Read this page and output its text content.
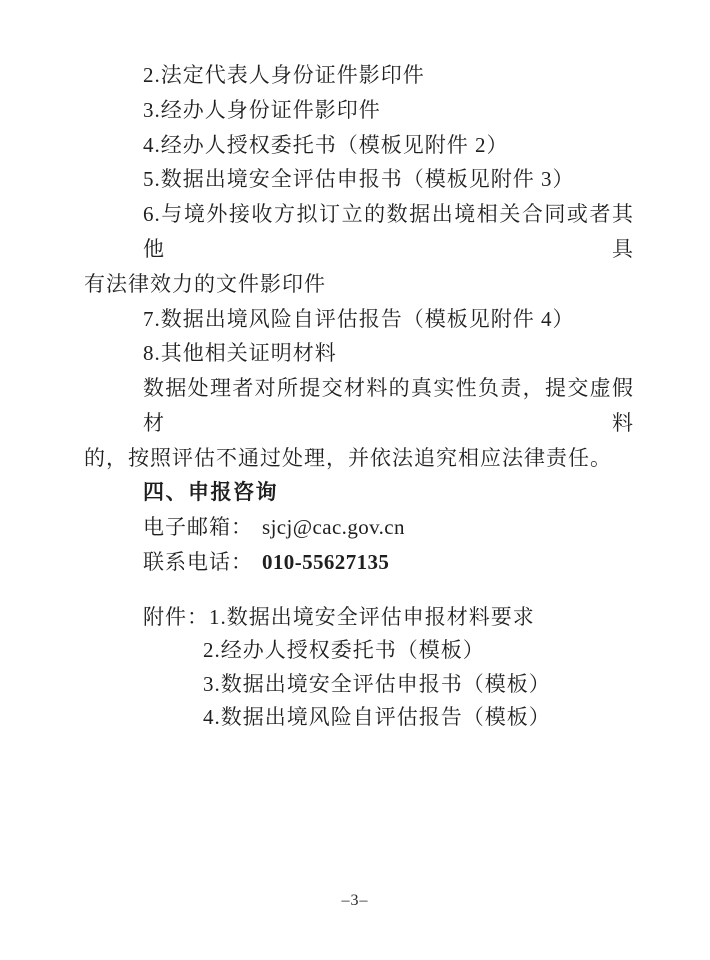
2.法定代表人身份证件影印件
3.经办人身份证件影印件
4.经办人授权委托书（模板见附件 2）
5.数据出境安全评估申报书（模板见附件 3）
6.与境外接收方拟订立的数据出境相关合同或者其他具
有法律效力的文件影印件
7.数据出境风险自评估报告（模板见附件 4）
8.其他相关证明材料
数据处理者对所提交材料的真实性负责，提交虚假材料
的，按照评估不通过处理，并依法追究相应法律责任。
四、申报咨询
电子邮箱： sjcj@cac.gov.cn
联系电话： 010-55627135
附件：1.数据出境安全评估申报材料要求
2.经办人授权委托书（模板）
3.数据出境安全评估申报书（模板）
4.数据出境风险自评估报告（模板）
–3–
